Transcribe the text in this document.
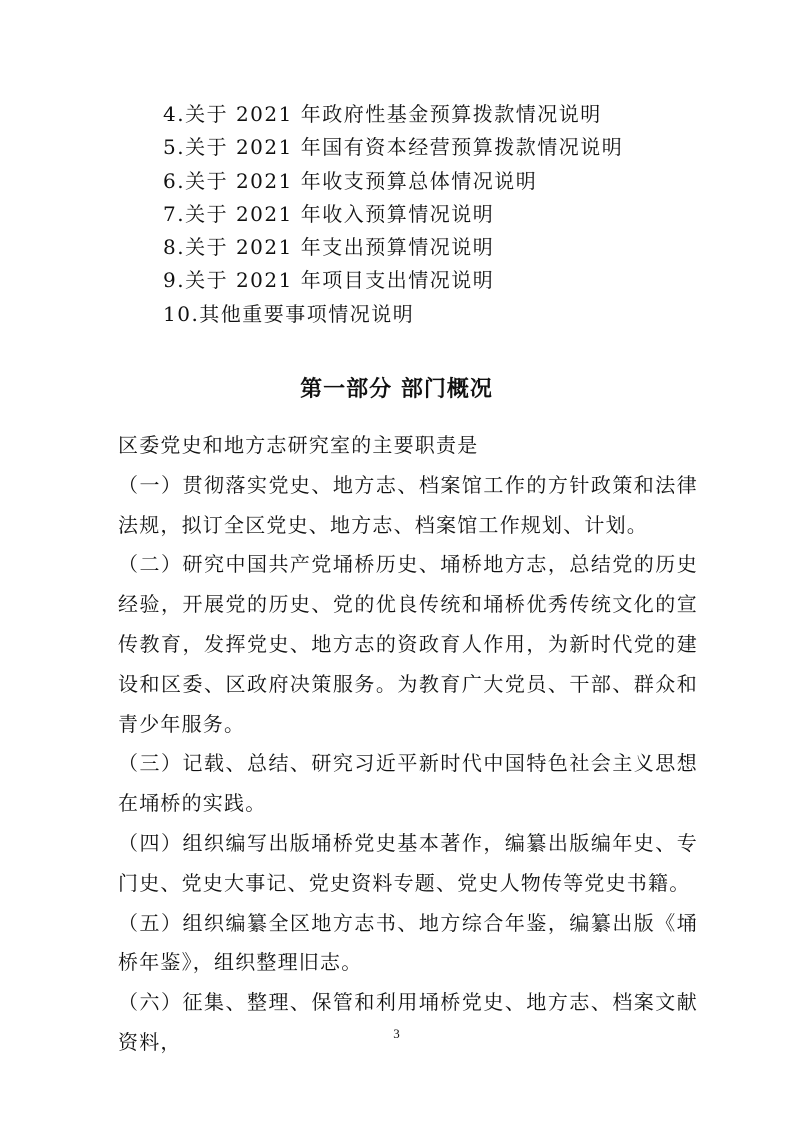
4.关于 2021 年政府性基金预算拨款情况说明
5.关于 2021 年国有资本经营预算拨款情况说明
6.关于 2021 年收支预算总体情况说明
7.关于 2021 年收入预算情况说明
8.关于 2021 年支出预算情况说明
9.关于 2021 年项目支出情况说明
10.其他重要事项情况说明
第一部分 部门概况

区委党史和地方志研究室的主要职责是

（一）贯彻落实党史、地方志、档案馆工作的方针政策和法律法规，拟订全区党史、地方志、档案馆工作规划、计划。

（二）研究中国共产党埇桥历史、埇桥地方志，总结党的历史经验，开展党的历史、党的优良传统和埇桥优秀传统文化的宣传教育，发挥党史、地方志的资政育人作用，为新时代党的建设和区委、区政府决策服务。为教育广大党员、干部、群众和青少年服务。

（三）记载、总结、研究习近平新时代中国特色社会主义思想在埇桥的实践。

（四）组织编写出版埇桥党史基本著作，编纂出版编年史、专门史、党史大事记、党史资料专题、党史人物传等党史书籍。

（五）组织编纂全区地方志书、地方综合年鉴，编纂出版《埇桥年鉴》，组织整理旧志。

（六）征集、整理、保管和利用埇桥党史、地方志、档案文献资料，	3
